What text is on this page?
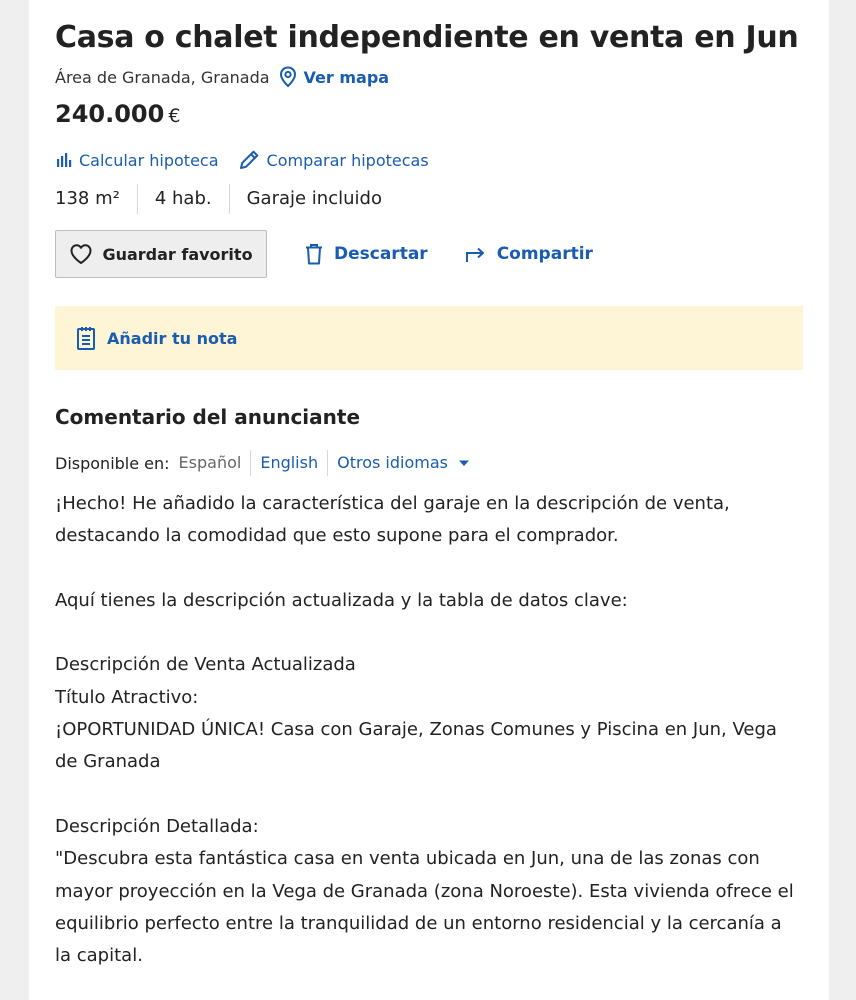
Casa o chalet independiente en venta en Jun
Área de Granada, Granada Ver mapa
240.000 €
Calcular hipoteca	Comparar hipotecas
138 m²	4 hab.	Garaje incluido
Guardar favorito	Descartar	Compartir
Añadir tu nota
Comentario del anunciante
Disponible en: Español	English	Otros idiomas

¡Hecho! He añadido la característica del garaje en la descripción de venta, destacando la comodidad que esto supone para el comprador.

Aquí tienes la descripción actualizada y la tabla de datos clave:

Descripción de Venta Actualizada

Título Atractivo:

¡OPORTUNIDAD ÚNICA! Casa con Garaje, Zonas Comunes y Piscina en Jun, Vega de Granada

Descripción Detallada:

"Descubra esta fantástica casa en venta ubicada en Jun, una de las zonas con mayor proyección en la Vega de Granada (zona Noroeste). Esta vivienda ofrece el equilibrio perfecto entre la tranquilidad de un entorno residencial y la cercanía a la capital.
